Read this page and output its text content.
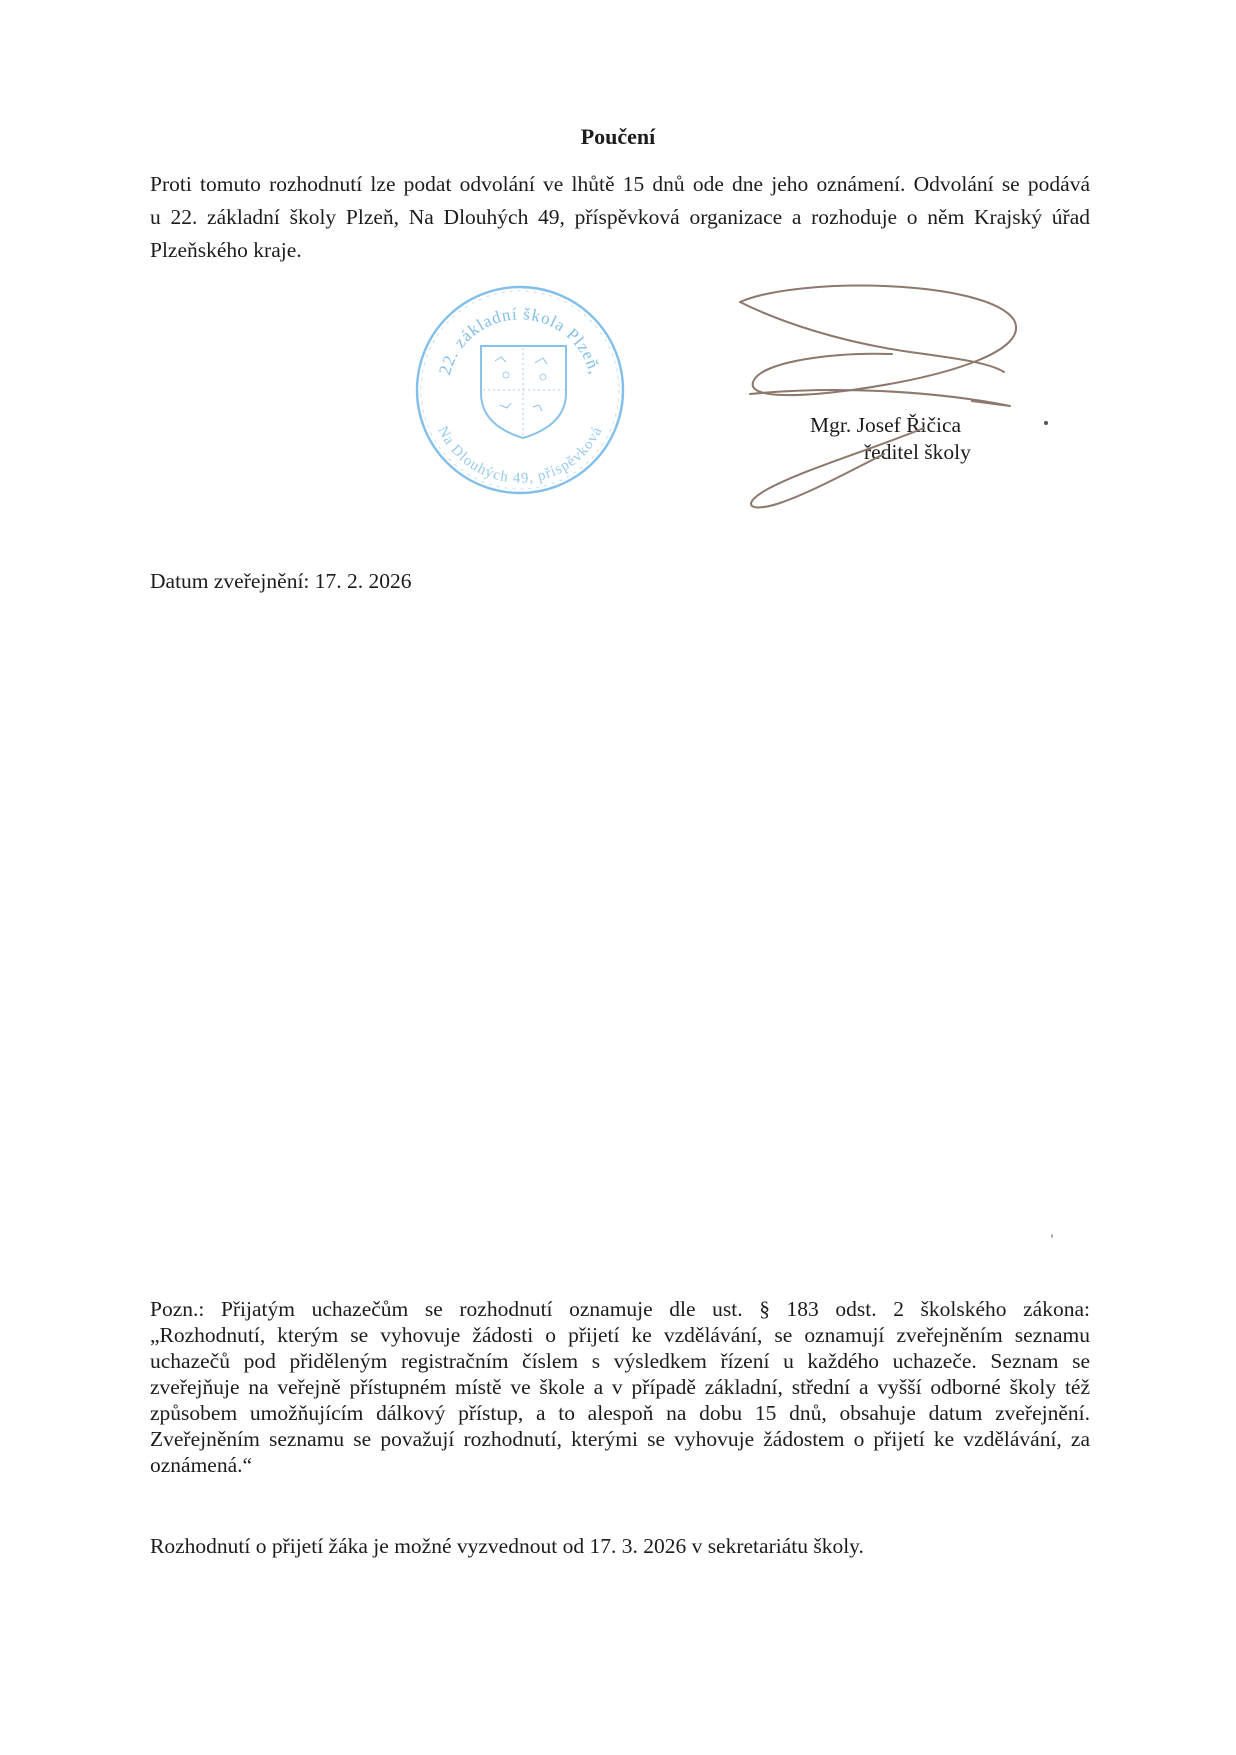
Poučení
Proti tomuto rozhodnutí lze podat odvolání ve lhůtě 15 dnů ode dne jeho oznámení. Odvolání se podává
u 22. základní školy Plzeň, Na Dlouhých 49, příspěvková organizace a rozhoduje o něm Krajský úřad
Plzeňského kraje.
22. základní škola Plzeň,
Na Dlouhých 49, příspěvková	Mgr. Josef Řičica
ředitel školy
Datum zveřejnění: 17. 2. 2026
Pozn.: Přijatým uchazečům se rozhodnutí oznamuje dle ust. § 183 odst. 2 školského zákona:
„Rozhodnutí, kterým se vyhovuje žádosti o přijetí ke vzdělávání, se oznamují zveřejněním seznamu
uchazečů pod přiděleným registračním číslem s výsledkem řízení u každého uchazeče. Seznam se
zveřejňuje na veřejně přístupném místě ve škole a v případě základní, střední a vyšší odborné školy též
způsobem umožňujícím dálkový přístup, a to alespoň na dobu 15 dnů, obsahuje datum zveřejnění.
Zveřejněním seznamu se považují rozhodnutí, kterými se vyhovuje žádostem o přijetí ke vzdělávání, za
oznámená.“
Rozhodnutí o přijetí žáka je možné vyzvednout od 17. 3. 2026 v sekretariátu školy.
